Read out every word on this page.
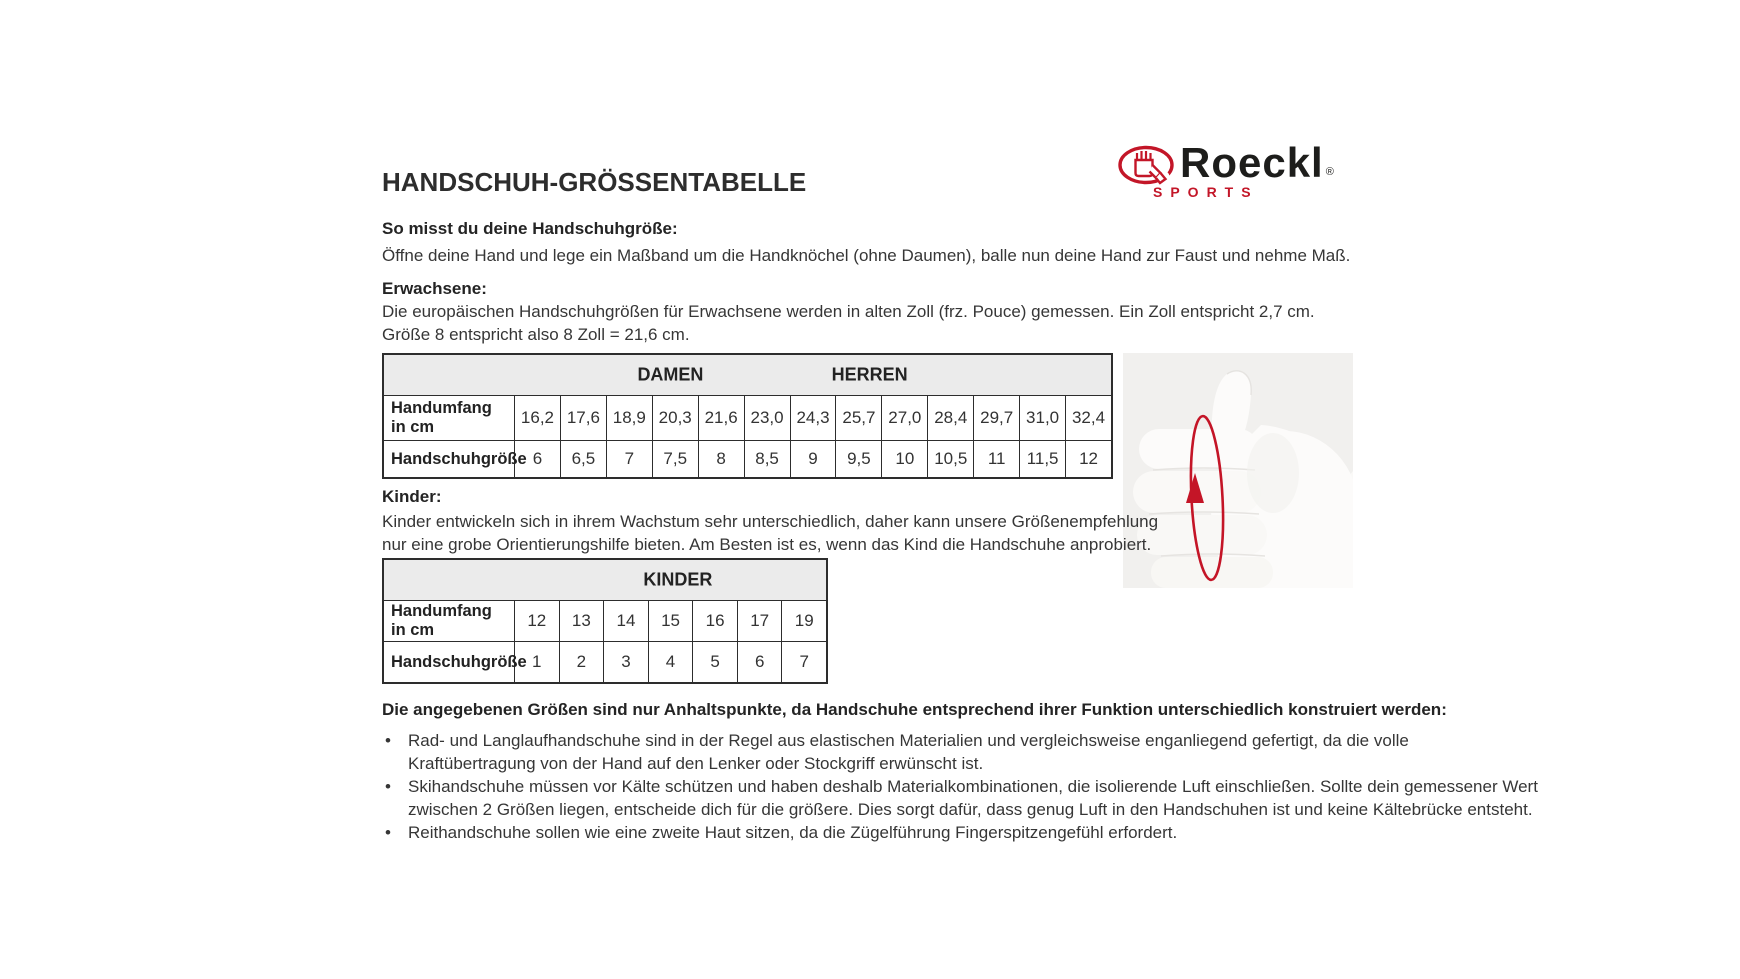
Roeckl ®
SPORTS
HANDSCHUH-GRÖSSENTABELLE
So misst du deine Handschuhgröße:
Öffne deine Hand und lege ein Maßband um die Handknöchel (ohne Daumen), balle nun deine Hand zur Faust und nehme Maß.
Erwachsene:
Die europäischen Handschuhgrößen für Erwachsene werden in alten Zoll (frz. Pouce) gemessen. Ein Zoll entspricht 2,7 cm.
Größe 8 entspricht also 8 Zoll = 21,6 cm.
DAMEN	HERREN
Handumfang
in cm	16,2 17,6 18,9 20,3 21,6 23,0 24,3 25,7 27,0 28,4 29,7 31,0 32,4
Handschuhgröße 6	6,5	7	7,5	8	8,5	9	9,5	10	10,5	11	11,5	12
Kinder:
Kinder entwickeln sich in ihrem Wachstum sehr unterschiedlich, daher kann unsere Größenempfehlung
nur eine grobe Orientierungshilfe bieten. Am Besten ist es, wenn das Kind die Handschuhe anprobiert.
KINDER
Handumfang
in cm	12	13	14	15	16	17	19
Handschuhgröße 1	2	3	4	5	6	7
Die angegebenen Größen sind nur Anhaltspunkte, da Handschuhe entsprechend ihrer Funktion unterschiedlich konstruiert werden:
• Rad- und Langlaufhandschuhe sind in der Regel aus elastischen Materialien und vergleichsweise enganliegend gefertigt, da die volle
Kraftübertragung von der Hand auf den Lenker oder Stockgriff erwünscht ist.
• Skihandschuhe müssen vor Kälte schützen und haben deshalb Materialkombinationen, die isolierende Luft einschließen. Sollte dein gemessener Wert
zwischen 2 Größen liegen, entscheide dich für die größere. Dies sorgt dafür, dass genug Luft in den Handschuhen ist und keine Kältebrücke entsteht.
• Reithandschuhe sollen wie eine zweite Haut sitzen, da die Zügelführung Fingerspitzengefühl erfordert.
